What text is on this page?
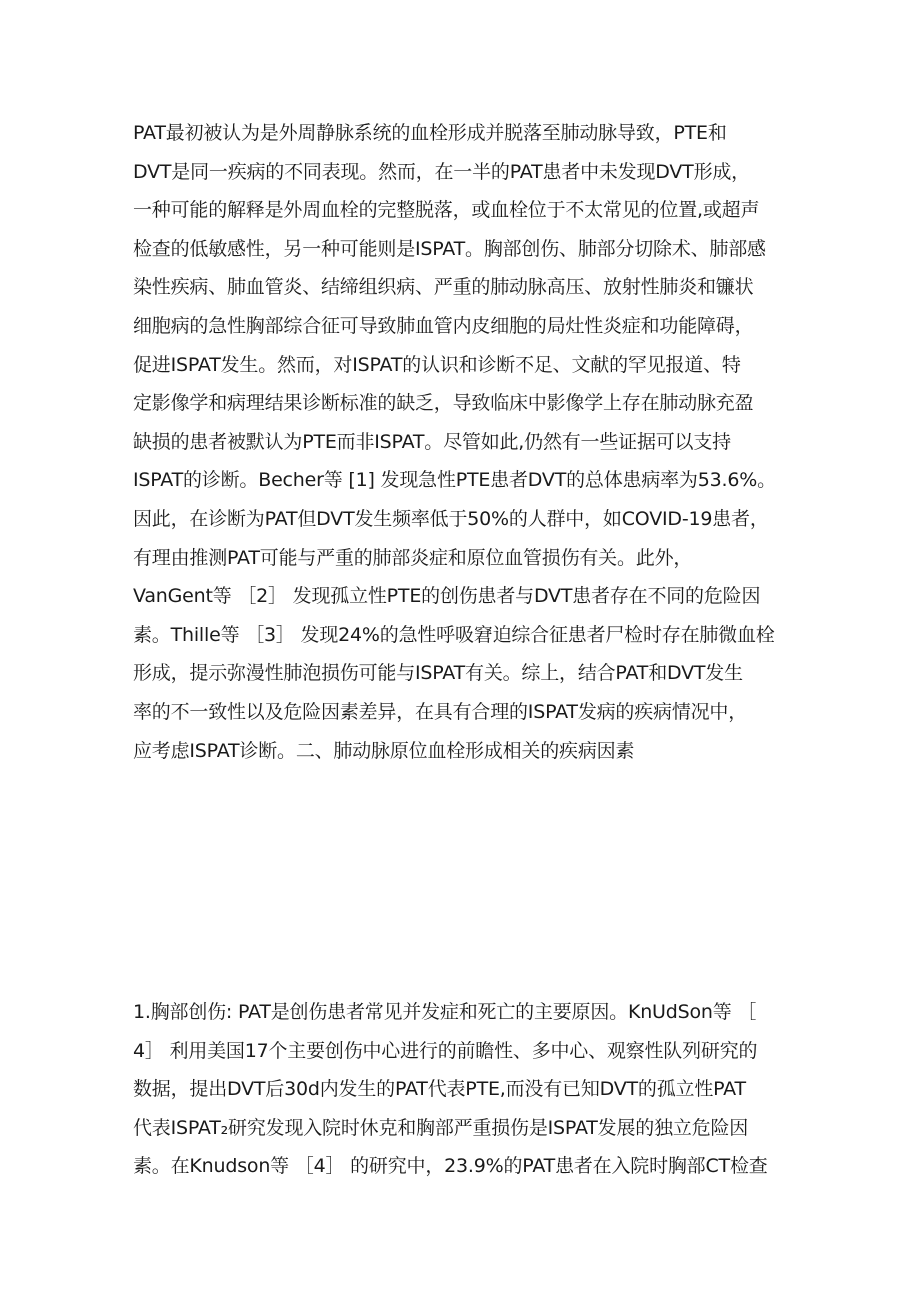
PAT最初被认为是外周静脉系统的血栓形成并脱落至肺动脉导致，PTE和
DVT是同一疾病的不同表现。然而，在一半的PAT患者中未发现DVT形成，
一种可能的解释是外周血栓的完整脱落，或血栓位于不太常见的位置,或超声
检查的低敏感性，另一种可能则是ISPAT。胸部创伤、肺部分切除术、肺部感
染性疾病、肺血管炎、结缔组织病、严重的肺动脉高压、放射性肺炎和镰状
细胞病的急性胸部综合征可导致肺血管内皮细胞的局灶性炎症和功能障碍，
促进ISPAT发生。然而，对ISPAT的认识和诊断不足、文献的罕见报道、特
定影像学和病理结果诊断标准的缺乏，导致临床中影像学上存在肺动脉充盈
缺损的患者被默认为PTE而非ISPAT。尽管如此,仍然有一些证据可以支持
ISPAT的诊断。Becher等 [1] 发现急性PTE患者DVT的总体患病率为53.6%。
因此，在诊断为PAT但DVT发生频率低于50%的人群中，如COVID-19患者，
有理由推测PAT可能与严重的肺部炎症和原位血管损伤有关。此外，
VanGent等 ［2］ 发现孤立性PTE的创伤患者与DVT患者存在不同的危险因
素。Thille等 ［3］ 发现24%的急性呼吸窘迫综合征患者尸检时存在肺微血栓
形成，提示弥漫性肺泡损伤可能与ISPAT有关。综上，结合PAT和DVT发生
率的不一致性以及危险因素差异，在具有合理的ISPAT发病的疾病情况中，
应考虑ISPAT诊断。二、肺动脉原位血栓形成相关的疾病因素

1.胸部创伤: PAT是创伤患者常见并发症和死亡的主要原因。KnUdSon等 ［
4］ 利用美国17个主要创伤中心进行的前瞻性、多中心、观察性队列研究的
数据，提出DVT后30d内发生的PAT代表PTE,而没有已知DVT的孤立性PAT
代表ISPAT₂研究发现入院时休克和胸部严重损伤是ISPAT发展的独立危险因
素。在Knudson等 ［4］ 的研究中，23.9%的PAT患者在入院时胸部CT检查
